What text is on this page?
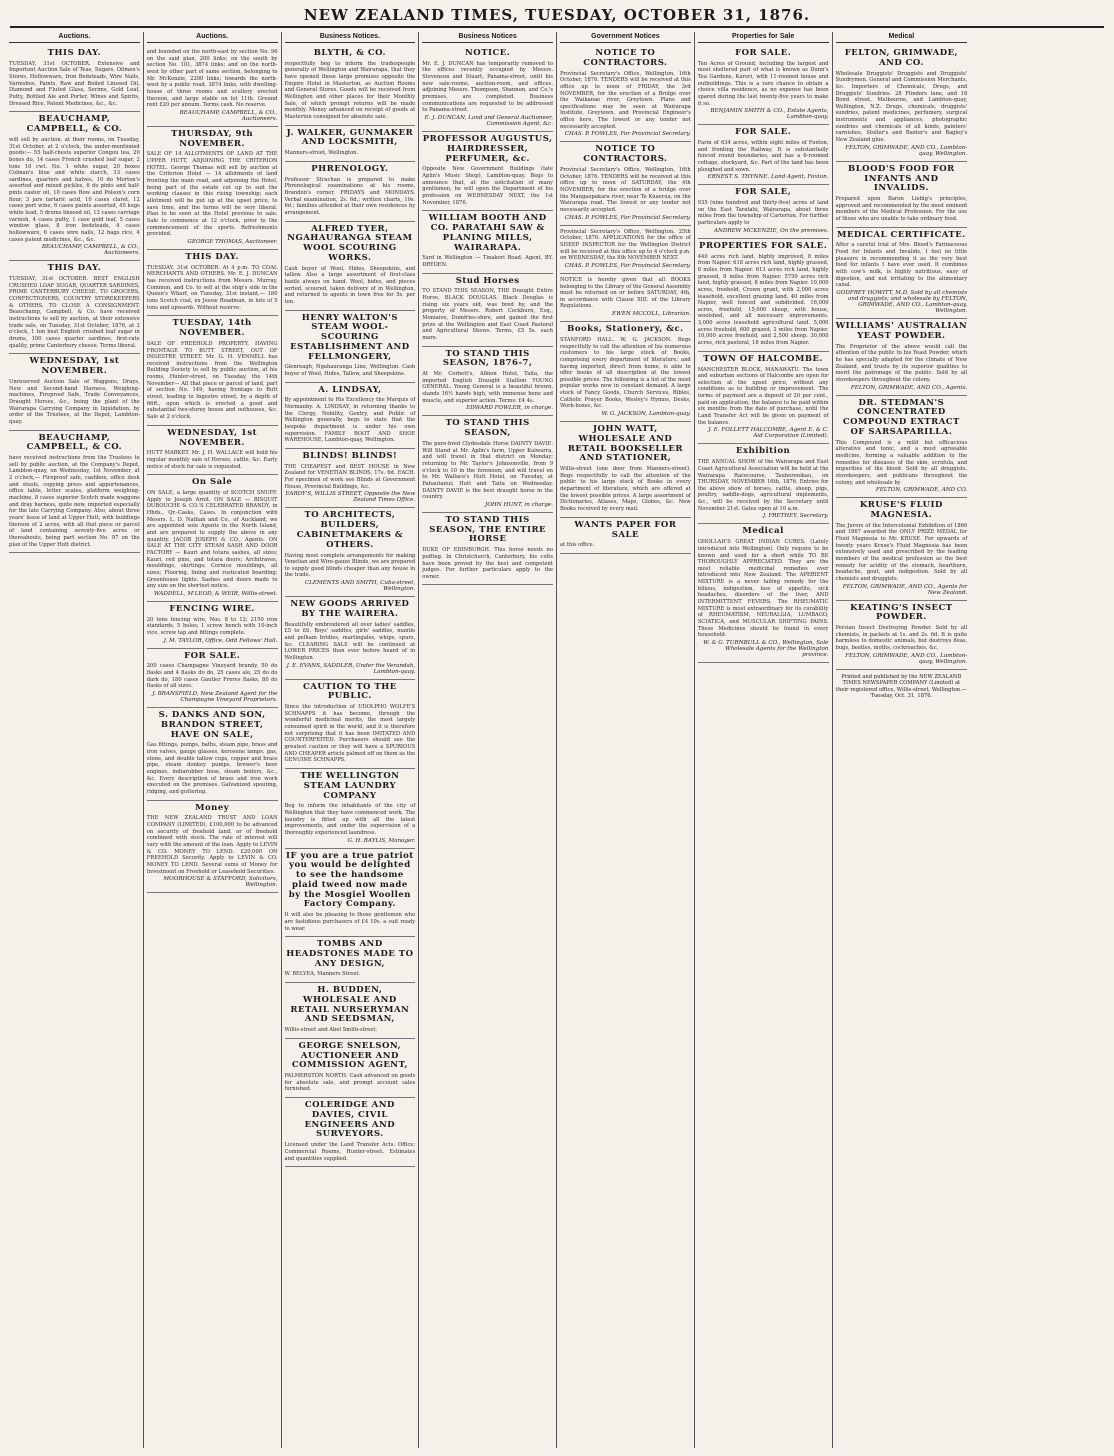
NEW ZEALAND TIMES, TUESDAY, OCTOBER 31, 1876.
Auctions.
THIS DAY.
TUESDAY, 31st OCTOBER. Extensive and Important Auction Sale of Teas, Sugars, Oilmen's Stores, Hollowware, Iron Bedsteads, Wire Nails, Varnishes, Paints, Raw and Boiled Linseed Oil, Diamond and Fluted Glass, Serims, Gold Leaf, Putty, Bottled Ale and Porter, Wines and Spirits, Dressed Rice, Patent Medicines, &c., &c.
BEAUCHAMP, CAMPBELL, & CO.
will sell by auction, at their rooms, on Tuesday, 31st October, at 2 o'clock, the under-mentioned goods:— 55 half-chests superior Congou tea, 20 boxes do, 14 cases French crushed loaf sugar, 2 tons 10 cwt. No. 1 white sugar, 20 boxes Colman's blue and white starch, 13 cases sardines, quarters and halves, 10 do Morton's assorted and mixed pickles, 6 do pints and half-pints castor oil, 10 cases Bow and Polson's corn flour, 3 jars tartaric acid, 10 cases claret, 12 cases port wine, 6 cases paints assorted, 45 kegs white lead, 5 drums linseed oil, 12 cases carriage varnish, 4 cases putty, 1 case gold leaf, 5 cases window glass, 8 iron bedsteads, 4 cases hollowware, 6 cases wire nails, 12 bags rice, 4 cases patent medicines, &c., &c.
BEAUCHAMP, CAMPBELL, & CO., Auctioneers.
THIS DAY.
TUESDAY, 31st OCTOBER. BEST ENGLISH CRUSHED LOAF SUGAR, QUARTER SARDINES, PRIME CANTERBURY CHEESE. TO GROCERS, CONFECTIONERS, COUNTRY STOREKEEPERS & OTHERS. TO CLOSE A CONSIGNMENT. Beauchamp, Campbell, & Co. have received instructions to sell by auction, at their extensive trade sale, on Tuesday, 31st October, 1876, at 2 o'clock, 1 ton best English crushed loaf sugar in drums, 100 cases quarter sardines, first-rate quality, prime Canterbury cheese. Terms liberal.
WEDNESDAY, 1st NOVEMBER.
Unreserved Auction Sale of Waggons, Drays, New and Second-hand Harness, Weighing-machines, Fireproof Safe, Trade Conveyances, Draught Horses, &c., being the plant of the Wairarapa Carrying Company in liquidation, by order of the Trustees, at the Depot, Lambton-quay.
BEAUCHAMP, CAMPBELL, & CO.
have received instructions from the Trustees to sell by public auction, at the Company's Depot, Lambton-quay, on Wednesday, 1st November, at 2 o'clock,— Fireproof safe, cashbox, office desk and stools, copying press and appurtenances, office table, letter scales, platform weighing-machine, 8 cases superior Scotch made waggons and dray harness, quite new, imported especially for the late Carrying Company. Also, about three years' lease of land at Upper Hutt, with buildings thereon of 2 acres, with all that piece or parcel of land containing seventy-five acres or thereabouts, being part section No. 97 on the plan of the Upper Hutt district.
Auctions.
and bounded on the north-east by section No. 96 on the said plan, 200 links; on the south by section No. 101, 3874 links; and on the north-west by other part of same section, belonging to Mr. McKenzie, 2200 links; towards the north-west by a public road, 3874 links, with dwelling-house of three rooms and scullery erected thereon, and large stable on lot 11th. Ground rent £20 per annum. Terms cash. No reserve.
BEAUCHAMP, CAMPBELL, & CO., Auctioneers.
THURSDAY, 9th NOVEMBER.
SALE OF 14 ALLOTMENTS OF LAND AT THE UPPER HUTT, ADJOINING THE CRITERION HOTEL. George Thomas will sell by auction at the Criterion Hotel — 14 allotments of land fronting the main road, and adjoining the Hotel, being part of the estate cut up to suit the working classes in this rising township; each allotment will be put up at the upset price, to save time, and the terms will be very liberal. Plan to be seen at the Hotel previous to sale. Sale to commence at 12 o'clock, prior to the commencement of the sports. Refreshments provided.
GEORGE THOMAS, Auctioneer.
THIS DAY.
TUESDAY, 31st OCTOBER. At 4 p.m. TO COAL MERCHANTS AND OTHERS. Mr. E. J. DUNCAN has received instructions from Messrs. Murray, Common, and Co. to sell at the ship's side in the Queen's Wharf, on Tuesday, 31st instant,— 180 tons Scotch coal, ex Jessie Readman, in lots of 5 tons and upwards. Without reserve.
TUESDAY, 14th NOVEMBER.
SALE OF FREEHOLD PROPERTY, HAVING FRONTAGE TO BUTT STREET, OUT OF INGESTRE STREET. Mr. G. H. VENNELL has received instructions from the Wellington Building Society to sell by public auction, at his rooms, Hunter-street, on Tuesday, the 14th November— All that piece or parcel of land, part of section No. 149, having frontage to Butt street, leading to Ingestre street, by a depth of 66ft., upon which is erected a good and substantial two-storey house and outhouses, &c. Sale at 2 o'clock.
WEDNESDAY, 1st NOVEMBER.
HUTT MARKET. Mr. J. H. WALLACE will hold his regular monthly sale of Horses, cattle, &c. Early notice of stock for sale is requested.
On Sale
ON SALE, a large quantity of SCOTCH SNUFF. Apply to Joseph Arnit. ON SALE — BISQUIT DUBOUCHE & CO.'S CELEBRATED BRANDY, in Hhds., Qr.-Casks, Cases. In conjunction with Messrs. L. D. Nathan and Co., of Auckland, we are appointed sole Agents in the North Island, and are prepared to supply the above in any quantity. JACOB JOSEPH & CO., Agents. ON SALE AT THE CITY STEAM SASH AND DOOR FACTORY — Kauri and totara sashes, all sizes; Kauri, red pine, and totara doors; Architraves, mouldings, skirtings; Cornice mouldings, all sizes; Flooring, lining and rusticated boarding; Greenhouse lights. Sashes and doors made to any size on the shortest notice.
WADDELL, M'LEOD, & WEIR, Willis-street.
FENCING WIRE.
20 tons fencing wire, Nos. 8 to 12; 2150 iron standards, 5 holes; 1 screw bench with 10-inch vice, screw tap and fittings complete.
J. M. TAYLOR, Office, Odd Fellows' Hall.
FOR SALE.
200 cases Champagne Vineyard brandy, 50 do flasks and 4 flasks do do, 25 cases ale, 25 do do dark do, 180 cases Gautier Freres flasks, 80 do flasks of all sizes.
J. BRANSFIELD, New Zealand Agent for the Champagne Vineyard Proprietors.
S. DANKS AND SON, BRANDON STREET, HAVE ON SALE,
Gas fittings, pumps, baths, steam pipe, brass and iron valves, gauge glasses, kerosene lamps, gas, stone, and double tallow cups, copper and brass pipe, steam donkey pumps, brewer's beer engines, indiarubber hose, steam boilers, &c., &c. Every description of brass and iron work executed on the premises. Galvanized spouting, ridging, and guttering.
Money
THE NEW ZEALAND TRUST AND LOAN COMPANY (LIMITED). £100,000 to be advanced on security of freehold land, or of freehold combined with stock. The rate of interest will vary with the amount of the loan. Apply to LEVIN & CO. MONEY TO LEND. £20,000 ON FREEHOLD Security. Apply to LEVIN & CO. MONEY TO LEND. Several sums of Money for Investment on Freehold or Leasehold Securities.
MOORHOUSE & STAFFORD, Solicitors, Wellington.
Business Notices.
BLYTH, & CO.
respectfully beg to inform the tradespeople generally of Wellington and Wairarapa, that they have opened those large premises opposite the Empire Hotel in Masterton, as Auction Rooms and General Stores. Goods will be received from Wellington and other places for their Monthly Sale, of which prompt returns will be made monthly. Money advanced on receipt of goods at Masterton consigned for absolute sale.
J. WALKER, GUNMAKER AND LOCKSMITH,
Manners-street, Wellington.
PHRENOLOGY.
Professor Strachan is prepared to make Phrenological examinations at his rooms, Brandon's corner, FRIDAYS and MONDAYS. Verbal examination, 2s. 6d.; written charts, 10s. 6d.; families attended at their own residences by arrangement.
ALFRED TYER, NGAHAURANGA STEAM WOOL SCOURING WORKS.
Cash buyer of Wool, Hides, Sheepskins, and tallow. Also a large assortment of first-class bazils always on hand. Wool, hides, and pieces sorted, scoured, taken delivery of in Wellington, and returned to agents in town free for 5s. per ton.
HENRY WALTON'S STEAM WOOL-SCOURING ESTABLISHMENT AND FELLMONGERY,
Glenreagh, Ngahauranga Line, Wellington. Cash buyer of Wool, Hides, Tallow, and Sheepskins.
A. LINDSAY,
By appointment to His Excellency the Marquis of Normanby. A. LINDSAY, in returning thanks to the Clergy, Nobility, Gentry, and Public of Wellington generally, begs to state that the bespoke department is under his own supervision. FAMILY BOOT AND SHOE WAREHOUSE, Lambton-quay, Wellington.
BLINDS! BLINDS!
THE CHEAPEST and BEST HOUSE in New Zealand for VENETIAN BLINDS, 17s. 6d. EACH. For specimen of work see Blinds at Government House, Provincial Buildings, &c.
EARDY'S, WILLIS STREET, Opposite the New Zealand Times Office.
TO ARCHITECTS, BUILDERS, CABINETMAKERS & OTHERS.
Having most complete arrangements for making Venetian and Wire-gauze Blinds, we are prepared to supply good blinds cheaper than any house in the trade.
CLEMENTS AND SMITH, Cuba-street, Wellington.
NEW GOODS ARRIVED BY THE WAIRERA.
Beautifully embroidered all over ladies' saddles, £5 to £6. Boys' saddles, girls' saddles, mantle and pelham bridles, martingales, whips, spurs, &c. CLEARING SALE will be continued at LOWER PRICES than ever before heard of in Wellington.
J. E. EVANS, SADDLER, Under the Verandah, Lambton-quay.
CAUTION TO THE PUBLIC.
Since the introduction of UDOLPHO WOLFE'S SCHNAPPS it has become, through the wonderful medicinal merits, the most largely consumed spirit in the world, and it is therefore not surprising that it has been IMITATED AND COUNTERFEITED. Purchasers should see the greatest caution or they will have a SPURIOUS AND CHEAPER article palmed off on them as the GENUINE SCHNAPPS.
THE WELLINGTON STEAM LAUNDRY COMPANY
Beg to inform the inhabitants of the city of Wellington that they have commenced work. The laundry is fitted up with all the latest improvements, and under the supervision of a thoroughly experienced laundress.
G. H. BAYLIS, Manager.
IF you are a true patriot you would be delighted to see the handsome plaid tweed now made by the Mosgiel Woollen Factory Company.
It will also be pleasing to those gentlemen who are fastidious purchasers of £4 10s. a suit ready to wear.
TOMBS AND HEADSTONES MADE TO ANY DESIGN,
W. BELYEA, Manners Street.
H. BUDDEN, WHOLESALE AND RETAIL NURSERYMAN AND SEEDSMAN,
Willis-street and Abel Smith-street.
GEORGE SNELSON, AUCTIONEER AND COMMISSION AGENT,
PALMERSTON NORTH. Cash advanced on goods for absolute sale, and prompt account sales furnished.
COLERIDGE AND DAVIES, CIVIL ENGINEERS AND SURVEYORS.
Licensed under the Land Transfer Acts. Office: Commercial Rooms, Hunter-street. Estimates and quantities supplied.
Business Notices
NOTICE.
Mr. E. J. DUNCAN has temporarily removed to the offices recently occupied by Messrs. Stevenson and Stuart, Panama-street, until his new sale-rooms, auction-room, and offices, adjoining Messrs. Thompson, Shannon, and Co.'s premises, are completed. Business communications are requested to be addressed to Panama-street.
E. J. DUNCAN, Land and General Auctioneer, Commission Agent, &c.
PROFESSOR AUGUSTUS, HAIRDRESSER, PERFUMER, &c.
Opposite New Government Buildings (late Aplin's Music Shop), Lambton-quay. Begs to announce that, at the solicitation of many gentlemen, he will open the Department of his profession on WEDNESDAY NEXT, the 1st November, 1876.
WILLIAM BOOTH AND CO. PARATAHI SAW & PLANING MILLS, WAIRARAPA.
Yard in Wellington — Tinakori Road. Agent, BY. DRYDEN.
Stud Horses
TO STAND THIS SEASON, THE Draught Entire Horse, BLACK DOUGLAS. Black Douglas is rising six years old, was bred by, and the property of Messrs. Robert Cockburn, Esq., Moniaive, Dumfries-shire, and gained the first prize at the Wellington and East Coast Pastoral and Agricultural Shows. Terms, £5 5s. each mare.
TO STAND THIS SEASON, 1876-7,
At Mr. Corbett's, Albion Hotel, Taita, the imported English Draught Stallion YOUNG GENERAL. Young General is a beautiful brown, stands 16½ hands high, with immense bone and muscle, and superior action. Terms: £4 4s.
EDWARD FOWLER, in charge.
TO STAND THIS SEASON,
The pure-bred Clydesdale Horse DAINTY DAVIE. Will Stand at Mr. Aplin's farm, Upper Kaiwarra, and will travel in that district on Monday; returning to Mr. Taylor's Johnsonville, from 9 o'clock to 10 in the forenoon; and will travel on to Mr. Wallace's Hutt Hotel, on Tuesday, at Pahautanui; Hutt and Taita on Wednesday. DAINTY DAVIE is the best draught horse in the country.
JOHN HUNT, in charge.
TO STAND THIS SEASON, THE ENTIRE HORSE
DUKE OF EDINBURGH. This horse needs no puffing. In Christchurch, Canterbury, his colts have been proved by the best and competent judges. For further particulars apply to the owner.
Government Notices
NOTICE TO CONTRACTORS.
Provincial Secretary's Office, Wellington, 16th October, 1876. TENDERS will be received at this office up to noon of FRIDAY, the 3rd NOVEMBER, for the erection of a Bridge over the Waikanae river, Greytown. Plans and specifications may be seen at Wairarapa Institute, Greytown, and Provincial Engineer's office here. The lowest or any tender not necessarily accepted.
CHAS. P. FOWLES, For Provincial Secretary.
NOTICE TO CONTRACTORS.
Provincial Secretary's Office, Wellington, 16th October, 1876. TENDERS will be received at this office up to noon of SATURDAY, the 4th NOVEMBER, for the erection of a bridge over the Mangaopakara river, near Te Kuaerua, on the Wairarapa road. The lowest or any tender not necessarily accepted.
CHAS. P. FOWLES, For Provincial Secretary.
Provincial Secretary's Office, Wellington, 25th October, 1876. APPLICATIONS for the office of SHEEP INSPECTOR for the Wellington District will be received at this office up to 4 o'clock p.m. on WEDNESDAY, the 8th NOVEMBER NEXT.
CHAS. P. FOWLES, For Provincial Secretary.
NOTICE is hereby given that all BOOKS belonging to the Library of the General Assembly must be returned on or before SATURDAY, 4th, in accordance with Clause XIII. of the Library Regulations.
EWEN MCCOLL, Librarian.
Books, Stationery, &c.
STANFORD HALL. W. G. JACKSON. Begs respectfully to call the attention of his numerous customers to his large stock of Books, comprising every department of literature; and having imported, direct from home, is able to offer books of all description at the lowest possible prices. The following is a list of the most popular works now in constant demand. A large stock of Fancy Goods, Church Services, Bibles, Catholic Prayer Books, Wesley's Hymns, Desks, Work-boxes, &c.
W. G. JACKSON, Lambton-quay.
JOHN WATT, WHOLESALE AND RETAIL BOOKSELLER AND STATIONER,
Willis-street (one door from Manners-street). Begs respectfully to call the attention of the public to his large stock of Books in every department of literature, which are offered at the lowest possible prices. A large assortment of Dictionaries, Atlases, Maps, Globes, &c. New Books received by every mail.
WANTS PAPER FOR SALE
at this office.
Properties for Sale
FOR SALE.
Ten Acres of Ground, including the largest and most sheltered part of what is known as Dunn's Tea Gardens, Karori, with 11-roomed house and outbuildings. This is a rare chance to obtain a choice villa residence, as no expense has been spared during the last twenty-five years to make it so.
BENJAMIN SMITH & CO., Estate Agents, Lambton-quay.
FOR SALE.
Farm of 634 acres, within eight miles of Foxton, and fronting the Railway. It is substantially fenced round boundaries, and has a 6-roomed cottage, stockyard, &c. Part of the land has been ploughed and sown.
ERNEST S. THYNNE, Land Agent, Foxton.
FOR SALE,
935 (nine hundred and thirty-five) acres of land on the East Taratahi, Wairarapa, about three miles from the township of Carterton. For further particulars apply to
ANDREW MCKENZIE, On the premises.
PROPERTIES FOR SALE.
440 acres rich land, highly improved, 8 miles from Napier. 618 acres rich land, highly grassed, 8 miles from Napier. 613 acres rich land, highly grassed, 8 miles from Napier. 5750 acres rich land, highly grassed, 8 miles from Napier. 10,000 acres, freehold, Crown grant, with 2,000 acres leasehold, excellent grazing land, 40 miles from Napier, well fenced and subdivided. 16,000 acres, freehold, 15,000 sheep, with house, woolshed, and all necessary improvements. 3,000 acres leasehold agricultural land. 5,000 acres freehold, 600 grazed, 2 miles from Napier. 10,000 acres freehold, and 2,500 sheep. 30,000 acres, rich pastoral, 18 miles from Napier.
TOWN OF HALCOMBE.
MANCHESTER BLOCK, MANAWATU. The town and suburban sections of Halcombe are open for selection at the upset price, without any conditions as to building or improvement. The terms of payment are a deposit of 20 per cent., paid on application, the balance to be paid within six months from the date of purchase, until the Land Transfer Act will be given on payment of the balance.
J. E. FOLLETT HALCOMBE, Agent E. & C. Aid Corporation (Limited).
Exhibition
THE ANNUAL SHOW of the Wairarapa and East Coast Agricultural Association will be held at the Wairarapa Racecourse, Tauherenikau, on THURSDAY, NOVEMBER 16th, 1876. Entries for the above show of horses, cattle, sheep, pigs, poultry, saddle-dogs, agricultural implements, &c., will be received by the Secretary until November 21st. Gates open at 10 a.m.
J. FRETHEY, Secretary.
Medical
GHOLLAH'S GREAT INDIAN CURES. (Lately introduced into Wellington). Only require to be known and used for a short while TO BE THOROUGHLY APPRECIATED. They are the most reliable medicinal remedies ever introduced into New Zealand. The APERIENT MIXTURE is a never failing remedy for the bilious, indigestion, loss of appetite, sick headaches, disorders of the liver, AND INTERMITTENT FEVERS. The RHEUMATIC MIXTURE is most extraordinary for its curability of RHEUMATISM, NEURALGIA, LUMBAGO, SCIATICA, and MUSCULAR SHIFTING PAINS. These Medicines should be found in every household.
W. & G. TURNBULL & CO., Wellington, Sole Wholesale Agents for the Wellington province.
Medical
FELTON, GRIMWADE, AND CO.
Wholesale Druggists' Druggists and Druggists' Sundrymen. General and Commission Merchants, &c. Importers of Chemicals, Drugs, and Druggists' Sundries. 28 Flinders lane, and 18 Bond street, Melbourne, and Lambton-quay, Wellington, N.Z. Drugs, chemicals, druggists' sundries, patent medicines, perfumery, surgical instruments and appliances, photographic sundries and chemicals of all kinds, painters' varnishes, Stoller's and Baxter's and Bagley's New Zealand glue.
FELTON, GRIMWADE, AND CO., Lambton-quay, Wellington.
BLOOD'S FOOD FOR INFANTS AND INVALIDS.
Prepared upon Baron Liebig's principles, approved and recommended by the most eminent members of the Medical Profession. For the use of those who are unable to take ordinary food.
MEDICAL CERTIFICATE.
After a careful trial of Mrs. Blood's Farinaceous Food for Infants and Invalids, I feel no little pleasure in recommending it as the very best food for infants I have ever used. It combines with cow's milk, is highly nutritious, easy of digestion, and not irritating to the alimentary canal.
GODFREY HOWITT, M.D. Sold by all chemists and druggists; and wholesale by FELTON, GRIMWADE, AND CO., Lambton-quay, Wellington.
WILLIAMS' AUSTRALIAN YEAST POWDER.
The Proprietor of the above would call the attention of the public to his Yeast Powder, which he has specially adapted for the climate of New Zealand, and trusts by its superior qualities to merit the patronage of the public. Sold by all storekeepers throughout the colony.
FELTON, GRIMWADE, AND CO., Agents.
DR. STEDMAN'S CONCENTRATED COMPOUND EXTRACT OF SARSAPARILLA.
This Compound is a mild but efficacious alterative and tonic, and a most agreeable medicine, forming a valuable addition to the remedies for diseases of the skin, scrofula, and impurities of the blood. Sold by all druggists, storekeepers, and publicans throughout the colony, and wholesale by
FELTON, GRIMWADE, AND CO.
KRUSE'S FLUID MAGNESIA.
The Jurors of the Intercolonial Exhibition of 1866 and 1867 awarded the ONLY PRIZE MEDAL for Fluid Magnesia to Mr. KRUSE. For upwards of twenty years Kruse's Fluid Magnesia has been extensively used and prescribed by the leading members of the medical profession as the best remedy for acidity of the stomach, heartburn, headache, gout, and indigestion. Sold by all chemists and druggists.
FELTON, GRIMWADE, AND CO., Agents for New Zealand.
KEATING'S INSECT POWDER.
Persian Insect Destroying Powder. Sold by all chemists, in packets at 1s. and 2s. 6d. It is quite harmless to domestic animals, but destroys fleas, bugs, beetles, moths, cockroaches, &c.
FELTON, GRIMWADE, AND CO., Lambton-quay, Wellington.
Printed and published by the NEW ZEALAND TIMES NEWSPAPER COMPANY (Limited) at their registered office, Willis-street, Wellington.—Tuesday, Oct. 31, 1876.
